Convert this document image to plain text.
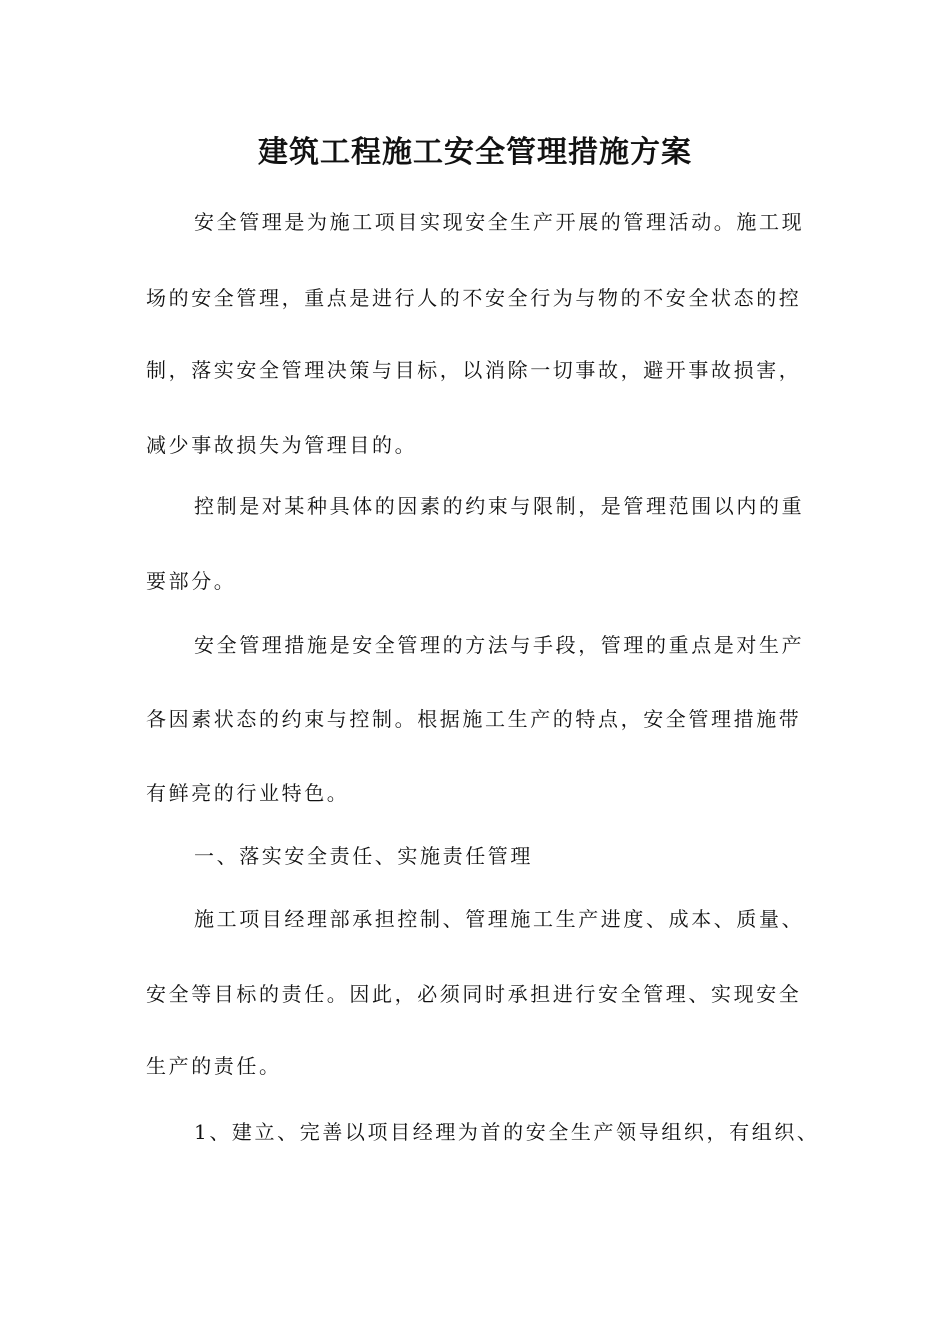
建筑工程施工安全管理措施方案
安全管理是为施工项目实现安全生产开展的管理活动。施工现
场的安全管理，重点是进行人的不安全行为与物的不安全状态的控
制，落实安全管理决策与目标，以消除一切事故，避开事故损害，
减少事故损失为管理目的。
控制是对某种具体的因素的约束与限制，是管理范围以内的重
要部分。
安全管理措施是安全管理的方法与手段，管理的重点是对生产
各因素状态的约束与控制。根据施工生产的特点，安全管理措施带
有鲜亮的行业特色。
一、落实安全责任、实施责任管理
施工项目经理部承担控制、管理施工生产进度、成本、质量、
安全等目标的责任。因此，必须同时承担进行安全管理、实现安全
生产的责任。
1、建立、完善以项目经理为首的安全生产领导组织，有组织、
